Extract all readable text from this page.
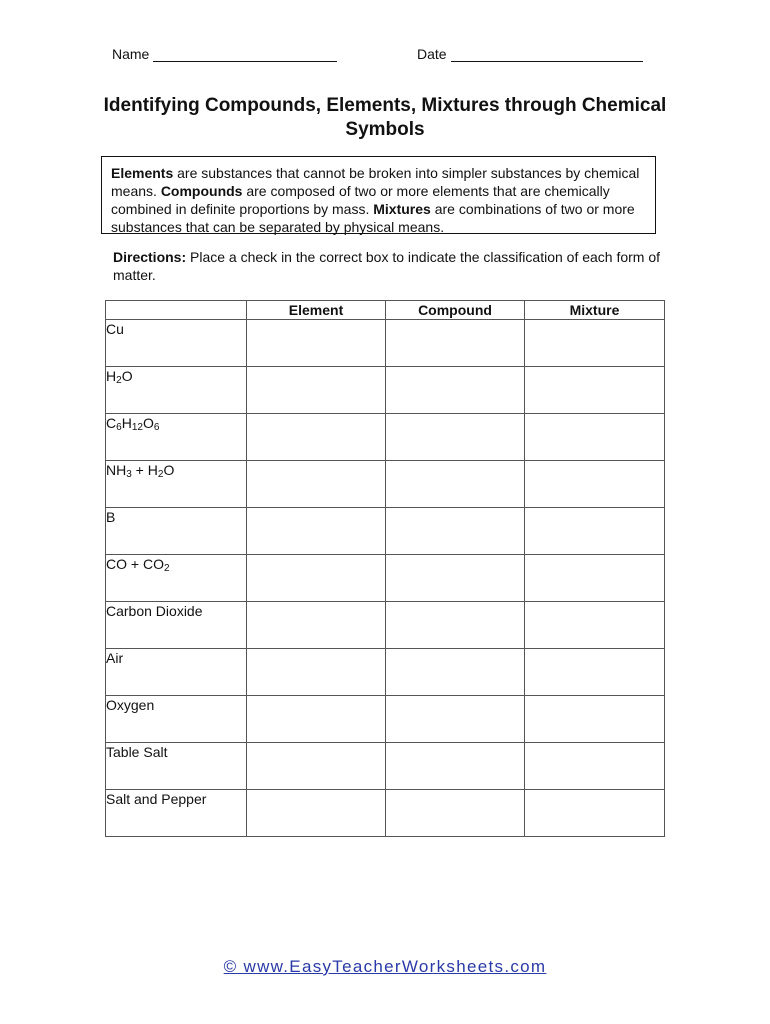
Name	Date
Identifying Compounds, Elements, Mixtures through Chemical Symbols
Elements are substances that cannot be broken into simpler substances by chemical means. Compounds are composed of two or more elements that are chemically combined in definite proportions by mass. Mixtures are combinations of two or more substances that can be separated by physical means.
Directions: Place a check in the correct box to indicate the classification of each form of matter.
	Element	Compound	Mixture
Cu			
$H_2O$			
$C_6H_{12}O_6$			
$NH_3 + H_2O$			
B			
CO + $CO_2$			
Carbon Dioxide			
Air			
Oxygen			
Table Salt			
Salt and Pepper			
© www.EasyTeacherWorksheets.com
